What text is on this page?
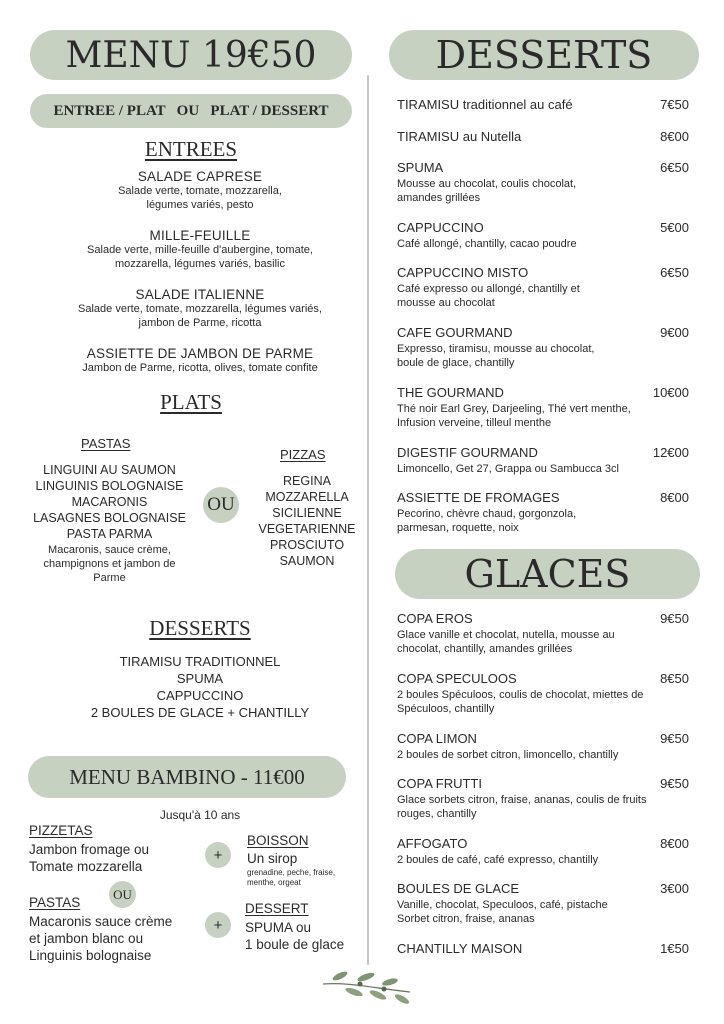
MENU 19€50
ENTREE / PLAT   OU   PLAT / DESSERT
ENTREES
SALADE CAPRESE
Salade verte, tomate, mozzarella,
légumes variés, pesto
MILLE-FEUILLE
Salade verte, mille-feuille d'aubergine, tomate,
mozzarella, légumes variés, basilic
SALADE ITALIENNE
Salade verte, tomate, mozzarella, légumes variés,
jambon de Parme, ricotta
ASSIETTE DE JAMBON DE PARME
Jambon de Parme, ricotta, olives, tomate confite
PLATS
PASTAS
LINGUINI AU SAUMON
LINGUINIS BOLOGNAISE
MACARONIS
LASAGNES BOLOGNAISE
PASTA PARMA
Macaronis, sauce crème,
champignons et jambon de
Parme
OU
PIZZAS
REGINA
MOZZARELLA
SICILIENNE
VEGETARIENNE
PROSCIUTO
SAUMON
DESSERTS
TIRAMISU TRADITIONNEL
SPUMA
CAPPUCCINO
2 BOULES DE GLACE + CHANTILLY
MENU BAMBINO - 11€00
Jusqu'à 10 ans
PIZZETAS
Jambon fromage ou
Tomate mozzarella
OU
PASTAS
Macaronis sauce crème
et jambon blanc ou
Linguinis bolognaise
+
+
BOISSON
Un sirop
grenadine, peche, fraise,
menthe, orgeat
DESSERT
SPUMA ou
1 boule de glace
DESSERTS
TIRAMISU traditionnel au café	7€50
TIRAMISU au Nutella	8€00
SPUMA	6€50
Mousse au chocolat, coulis chocolat,
amandes grillées
CAPPUCCINO	5€00
Café allongé, chantilly, cacao poudre
CAPPUCCINO MISTO	6€50
Café expresso ou allongé, chantilly et
mousse au chocolat
CAFE GOURMAND	9€00
Expresso, tiramisu, mousse au chocolat,
boule de glace, chantilly
THE GOURMAND	10€00
Thé noir Earl Grey, Darjeeling, Thé vert menthe,
Infusion verveine, tilleul menthe
DIGESTIF GOURMAND	12€00
Limoncello, Get 27, Grappa ou Sambucca 3cl
ASSIETTE DE FROMAGES	8€00
Pecorino, chèvre chaud, gorgonzola,
parmesan, roquette, noix
GLACES
COPA EROS	9€50
Glace vanille et chocolat, nutella, mousse au
chocolat, chantilly, amandes grillées
COPA SPECULOOS	8€50
2 boules Spéculoos, coulis de chocolat, miettes de
Spéculoos, chantilly
COPA LIMON	9€50
2 boules de sorbet citron, limoncello, chantilly
COPA FRUTTI	9€50
Glace sorbets citron, fraise, ananas, coulis de fruits
rouges, chantilly
AFFOGATO	8€00
2 boules de café, café expresso, chantilly
BOULES DE GLACE	3€00
Vanille, chocolat, Speculoos, café, pistache
Sorbet citron, fraise, ananas
CHANTILLY MAISON	1€50
